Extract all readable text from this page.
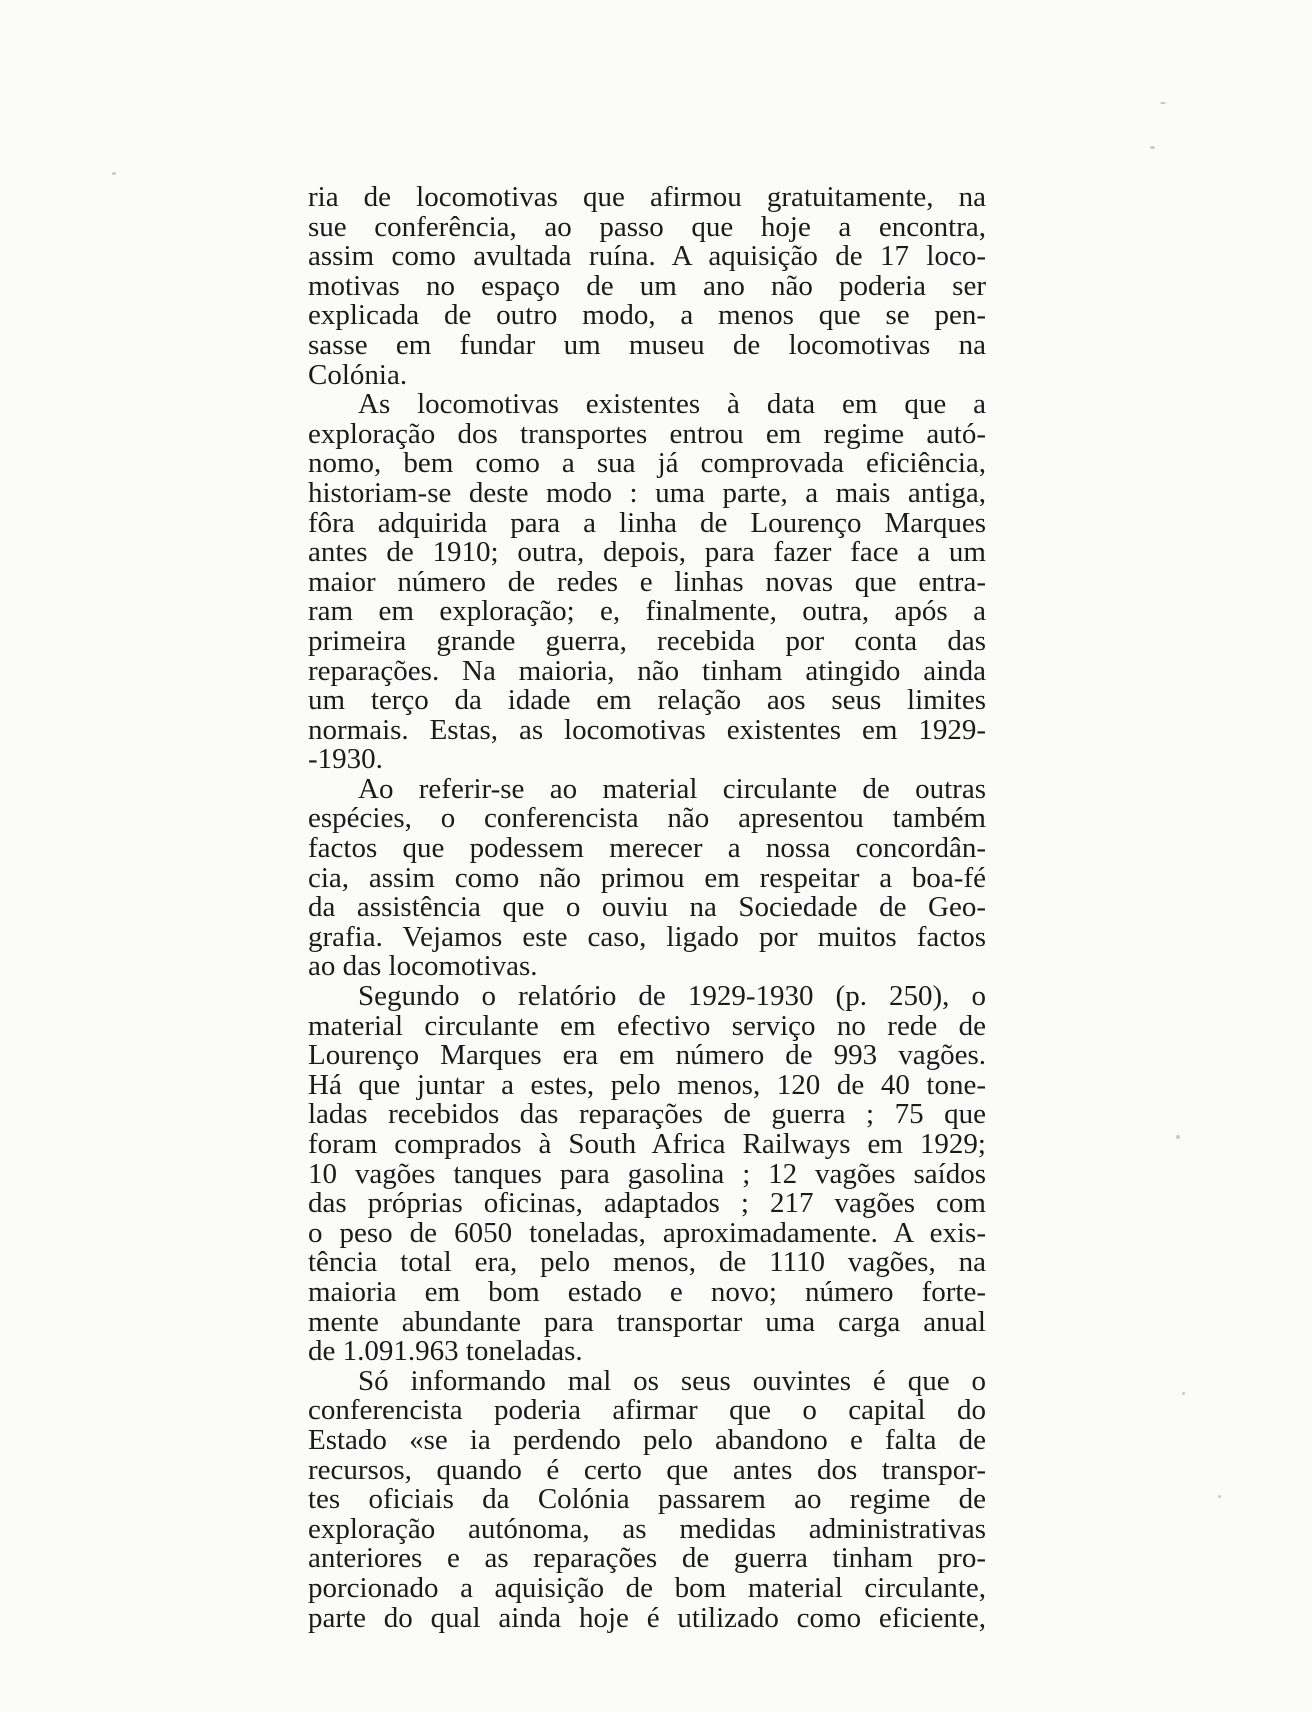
ria de locomotivas que afirmou gratuitamente, na
sue conferência, ao passo que hoje a encontra,
assim como avultada ruína. A aquisição de 17 loco-
motivas no espaço de um ano não poderia ser
explicada de outro modo, a menos que se pen-
sasse em fundar um museu de locomotivas na
Colónia.

As locomotivas existentes à data em que a
exploração dos transportes entrou em regime autó-
nomo, bem como a sua já comprovada eficiência,
historiam-se deste modo : uma parte, a mais antiga,
fôra adquirida para a linha de Lourenço Marques
antes de 1910; outra, depois, para fazer face a um
maior número de redes e linhas novas que entra-
ram em exploração; e, finalmente, outra, após a
primeira grande guerra, recebida por conta das
reparações. Na maioria, não tinham atingido ainda
um terço da idade em relação aos seus limites
normais. Estas, as locomotivas existentes em 1929-
-1930.

Ao referir-se ao material circulante de outras
espécies, o conferencista não apresentou também
factos que podessem merecer a nossa concordân-
cia, assim como não primou em respeitar a boa-fé
da assistência que o ouviu na Sociedade de Geo-
grafia. Vejamos este caso, ligado por muitos factos
ao das locomotivas.

Segundo o relatório de 1929-1930 (p. 250), o
material circulante em efectivo serviço no rede de
Lourenço Marques era em número de 993 vagões.
Há que juntar a estes, pelo menos, 120 de 40 tone-
ladas recebidos das reparações de guerra ; 75 que
foram comprados à South Africa Railways em 1929;
10 vagões tanques para gasolina ; 12 vagões saídos
das próprias oficinas, adaptados ; 217 vagões com
o peso de 6050 toneladas, aproximadamente. A exis-
tência total era, pelo menos, de 1110 vagões, na
maioria em bom estado e novo; número forte-
mente abundante para transportar uma carga anual
de 1.091.963 toneladas.

Só informando mal os seus ouvintes é que o
conferencista poderia afirmar que o capital do
Estado «se ia perdendo pelo abandono e falta de
recursos, quando é certo que antes dos transpor-
tes oficiais da Colónia passarem ao regime de
exploração autónoma, as medidas administrativas
anteriores e as reparações de guerra tinham pro-
porcionado a aquisição de bom material circulante,
parte do qual ainda hoje é utilizado como eficiente,
